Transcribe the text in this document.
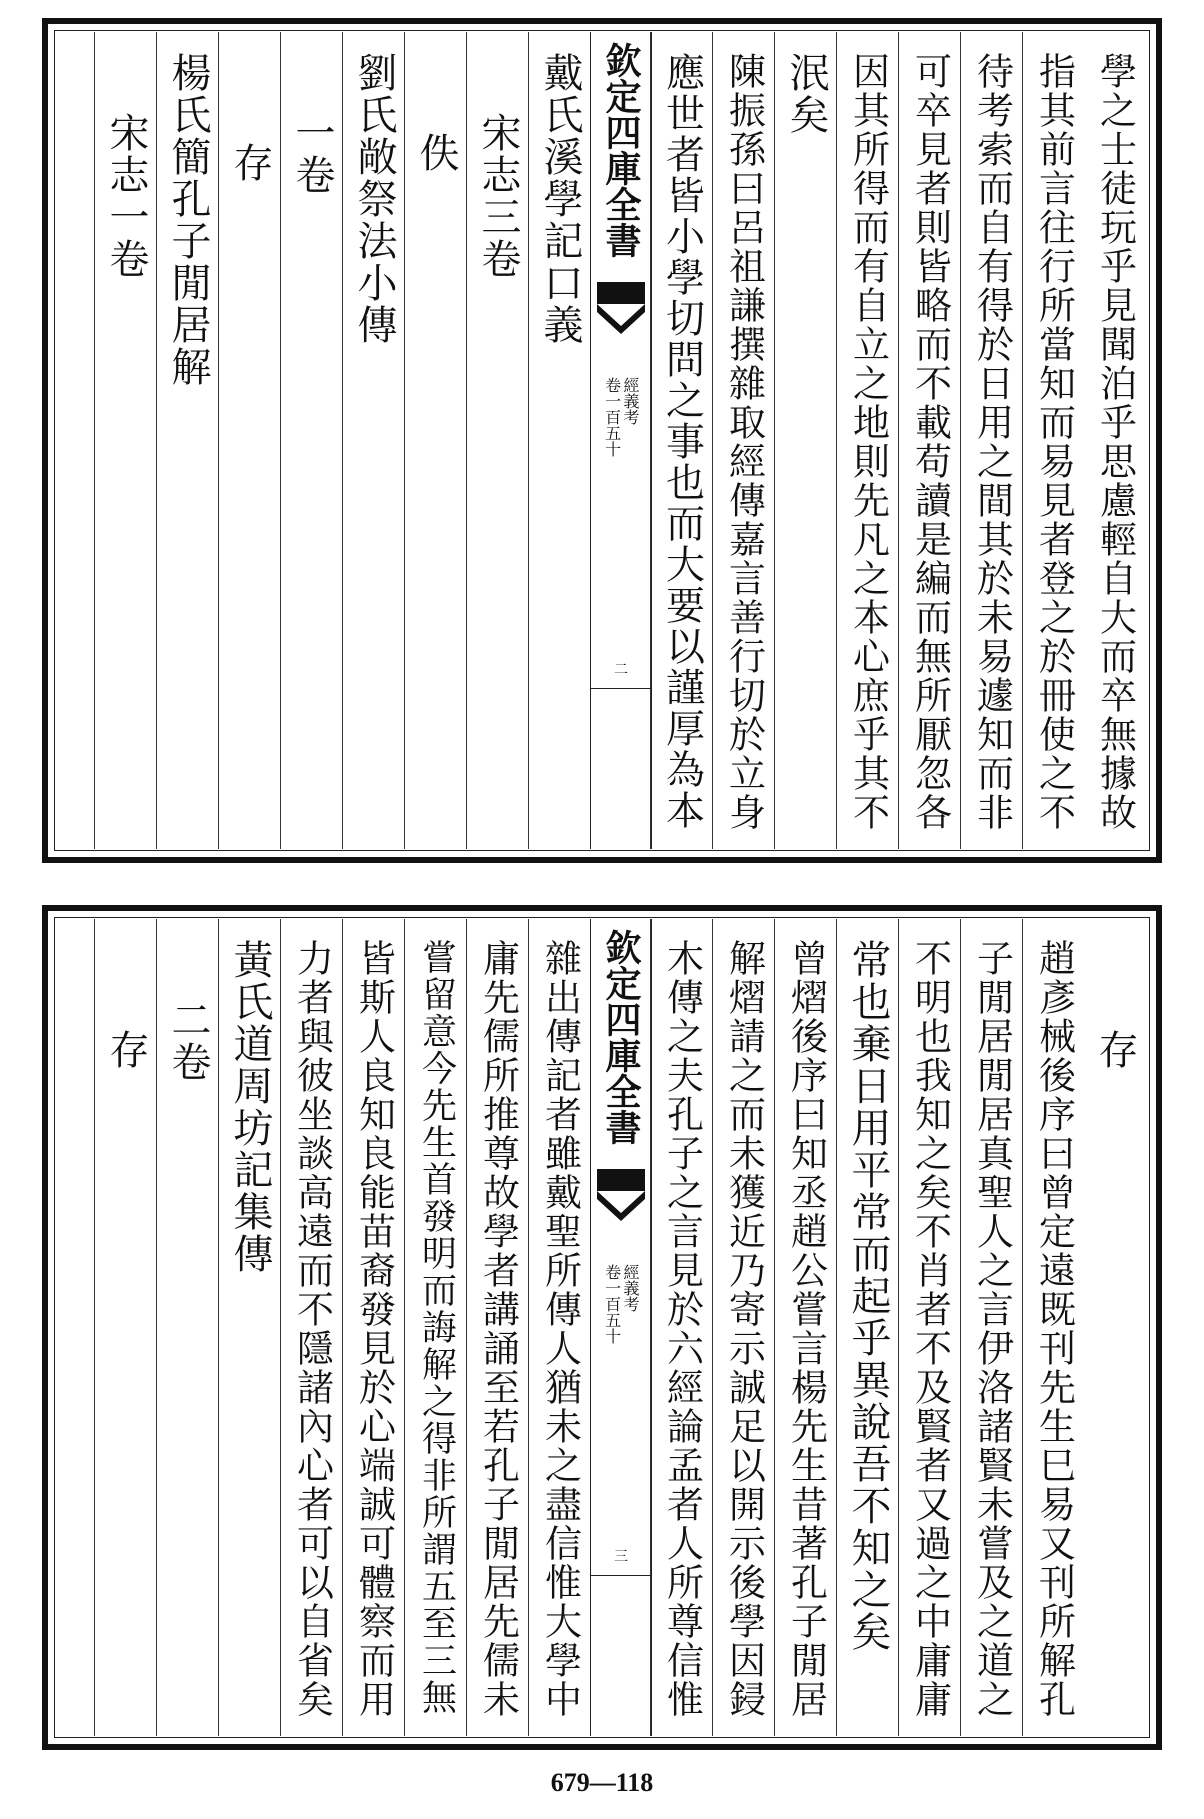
學之士徒玩乎見聞泊乎思慮輕自大而卒無據故
指其前言往行所當知而易見者登之於冊使之不
待考索而自有得於日用之間其於未易遽知而非
可卒見者則皆略而不載苟讀是編而無所厭忽各
因其所得而有自立之地則先凡之本心庶乎其不
泯矣
陳振孫曰呂祖謙撰雜取經傳嘉言善行切於立身
應世者皆小學切問之事也而大要以謹厚為本
欽定四庫全書
經義考
卷一百五十
二
戴氏溪學記口義
宋志三卷
佚
劉氏敞祭法小傳
一卷
存
楊氏簡孔子閒居解
宋志一卷
存
趙彥械後序曰曾定遠既刊先生巳易又刊所解孔
子閒居閒居真聖人之言伊洛諸賢未嘗及之道之
不明也我知之矣不肖者不及賢者又過之中庸庸
常也棄日用平常而起乎異說吾不知之矣
曾熠後序曰知丞趙公嘗言楊先生昔著孔子閒居
解熠請之而未獲近乃寄示誠足以開示後學因鋟
木傳之夫孔子之言見於六經論孟者人所尊信惟
欽定四庫全書
經義考
卷一百五十
三
雜出傳記者雖戴聖所傳人猶未之盡信惟大學中
庸先儒所推尊故學者講誦至若孔子閒居先儒未
嘗留意今先生首發明而誨解之得非所謂五至三無
皆斯人良知良能苗裔發見於心端誠可體察而用
力者與彼坐談高遠而不隱諸內心者可以自省矣
黃氏道周坊記集傳
二卷
存
679—118
